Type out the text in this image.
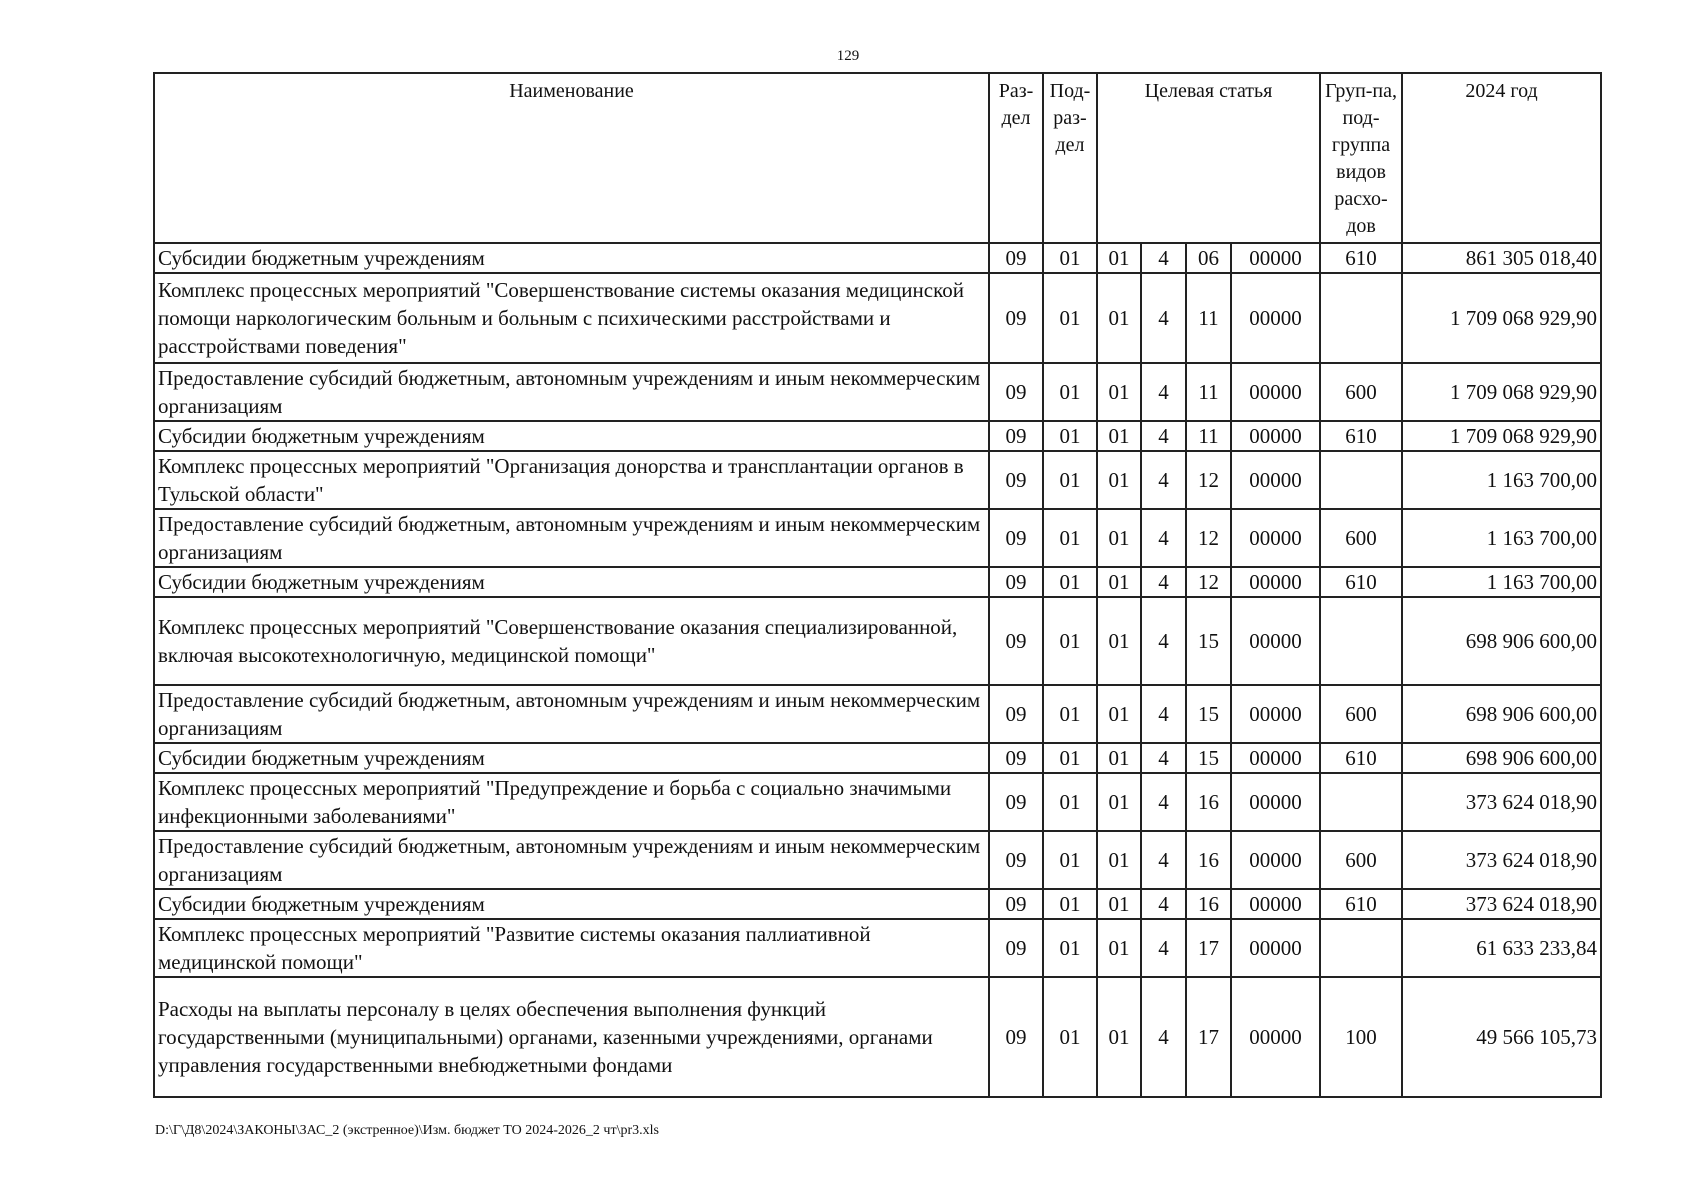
129
Наименование	Раз-дел	Под-раз-дел	Целевая статья				Груп-па, под-группа видов расхо-дов	2024 год
Субсидии бюджетным учреждениям	09	01	01	4	06	00000	610	861 305 018,40
Комплекс процессных мероприятий "Совершенствование системы оказания медицинской помощи наркологическим больным и больным с психическими расстройствами и расстройствами поведения"	09	01	01	4	11	00000		1 709 068 929,90
Предоставление субсидий бюджетным, автономным учреждениям и иным некоммерческим организациям	09	01	01	4	11	00000	600	1 709 068 929,90
Субсидии бюджетным учреждениям	09	01	01	4	11	00000	610	1 709 068 929,90
Комплекс процессных мероприятий "Организация донорства и трансплантации органов в Тульской области"	09	01	01	4	12	00000		1 163 700,00
Предоставление субсидий бюджетным, автономным учреждениям и иным некоммерческим организациям	09	01	01	4	12	00000	600	1 163 700,00
Субсидии бюджетным учреждениям	09	01	01	4	12	00000	610	1 163 700,00
Комплекс процессных мероприятий "Совершенствование оказания специализированной, включая высокотехнологичную, медицинской помощи"	09	01	01	4	15	00000		698 906 600,00
Предоставление субсидий бюджетным, автономным учреждениям и иным некоммерческим организациям	09	01	01	4	15	00000	600	698 906 600,00
Субсидии бюджетным учреждениям	09	01	01	4	15	00000	610	698 906 600,00
Комплекс процессных мероприятий "Предупреждение и борьба с социально значимыми инфекционными заболеваниями"	09	01	01	4	16	00000		373 624 018,90
Предоставление субсидий бюджетным, автономным учреждениям и иным некоммерческим организациям	09	01	01	4	16	00000	600	373 624 018,90
Субсидии бюджетным учреждениям	09	01	01	4	16	00000	610	373 624 018,90
Комплекс процессных мероприятий "Развитие системы оказания паллиативной медицинской помощи"	09	01	01	4	17	00000		61 633 233,84
Расходы на выплаты персоналу в целях обеспечения выполнения функций государственными (муниципальными) органами, казенными учреждениями, органами управления государственными внебюджетными фондами	09	01	01	4	17	00000	100	49 566 105,73
D:\Г\Д8\2024\ЗАКОНЫ\ЗАС_2 (экстренное)\Изм. бюджет ТО 2024-2026_2 чт\pr3.xls
